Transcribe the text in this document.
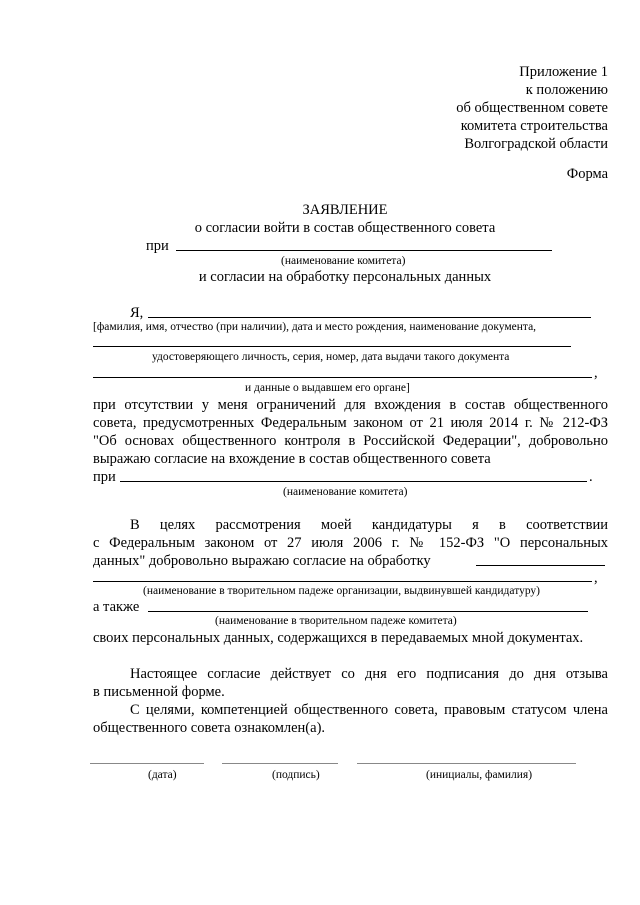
Приложение 1
к положению
об общественном совете
комитета строительства
Волгоградской области
Форма
ЗАЯВЛЕНИЕ
о согласии войти в состав общественного совета
при
(наименование комитета)
и согласии на обработку персональных данных
Я,
[фамилия, имя, отчество (при наличии), дата и место рождения, наименование документа,
удостоверяющего личность, серия, номер, дата выдачи такого документа
,
и данные о выдавшем его органе]
при отсутствии у меня ограничений для вхождения в состав общественного
совета, предусмотренных Федеральным законом от 21 июля 2014 г. № 212-ФЗ
"Об основах общественного контроля в Российской Федерации", добровольно
выражаю согласие на вхождение в состав общественного совета
при	.
(наименование комитета)
В целях рассмотрения моей кандидатуры я в соответствии
с Федеральным законом от 27 июля 2006 г. № 152-ФЗ "О персональных
данных" добровольно выражаю согласие на обработку
,
(наименование в творительном падеже организации, выдвинувшей кандидатуру)
а также
(наименование в творительном падеже комитета)
своих персональных данных, содержащихся в передаваемых мной документах.
Настоящее согласие действует со дня его подписания до дня отзыва
в письменной форме.
С целями, компетенцией общественного совета, правовым статусом члена
общественного совета ознакомлен(а).
(дата)	(подпись)	(инициалы, фамилия)
